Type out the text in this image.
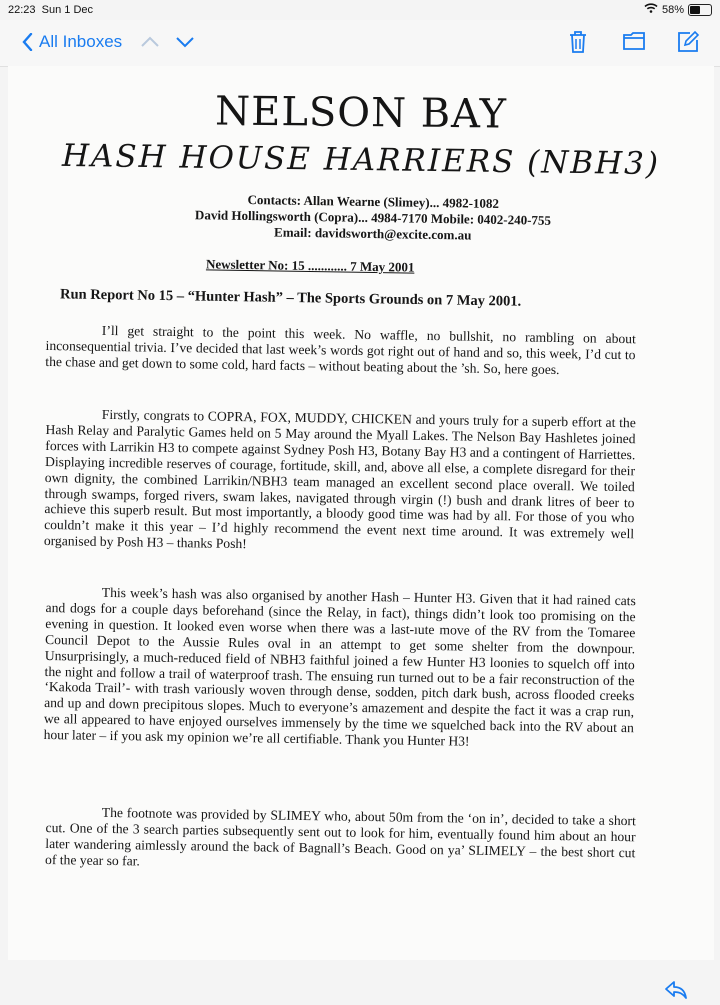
22:23 Sun 1 Dec	58%
All Inboxes
NELSON BAY
HASH HOUSE HARRIERS (NBH3)
Contacts: Allan Wearne (Slimey)... 4982-1082
David Hollingsworth (Copra)... 4984-7170 Mobile: 0402-240-755
Email: davidsworth@excite.com.au
Newsletter No: 15 ............ 7 May 2001
Run Report No 15 – “Hunter Hash” – The Sports Grounds on 7 May 2001.

I’ll get straight to the point this week. No waffle, no bullshit, no rambling on about inconsequential trivia. I’ve decided that last week’s words got right out of hand and so, this week, I’d cut to the chase and get down to some cold, hard facts – without beating about the ’sh. So, here goes.

Firstly, congrats to COPRA, FOX, MUDDY, CHICKEN and yours truly for a superb effort at the Hash Relay and Paralytic Games held on 5 May around the Myall Lakes. The Nelson Bay Hashletes joined forces with Larrikin H3 to compete against Sydney Posh H3, Botany Bay H3 and a contingent of Harriettes. Displaying incredible reserves of courage, fortitude, skill, and, above all else, a complete disregard for their own dignity, the combined Larrikin/NBH3 team managed an excellent second place overall. We toiled through swamps, forged rivers, swam lakes, navigated through virgin (!) bush and drank litres of beer to achieve this superb result. But most importantly, a bloody good time was had by all. For those of you who couldn’t make it this year – I’d highly recommend the event next time around. It was extremely well organised by Posh H3 – thanks Posh!

This week’s hash was also organised by another Hash – Hunter H3. Given that it had rained cats and dogs for a couple days beforehand (since the Relay, in fact), things didn’t look too promising on the evening in question. It looked even worse when there was a last-ıute move of the RV from the Tomaree Council Depot to the Aussie Rules oval in an attempt to get some shelter from the downpour. Unsurprisingly, a much-reduced field of NBH3 faithful joined a few Hunter H3 loonies to squelch off into the night and follow a trail of waterproof trash. The ensuing run turned out to be a fair reconstruction of the ‘Kakoda Trail’- with trash variously woven through dense, sodden, pitch dark bush, across flooded creeks and up and down precipitous slopes. Much to everyone’s amazement and despite the fact it was a crap run, we all appeared to have enjoyed ourselves immensely by the time we squelched back into the RV about an hour later – if you ask my opinion we’re all certifiable. Thank you Hunter H3!

The footnote was provided by SLIMEY who, about 50m from the ‘on in’, decided to take a short cut. One of the 3 search parties subsequently sent out to look for him, eventually found him about an hour later wandering aimlessly around the back of Bagnall’s Beach. Good on ya’ SLIMELY – the best short cut of the year so far.
